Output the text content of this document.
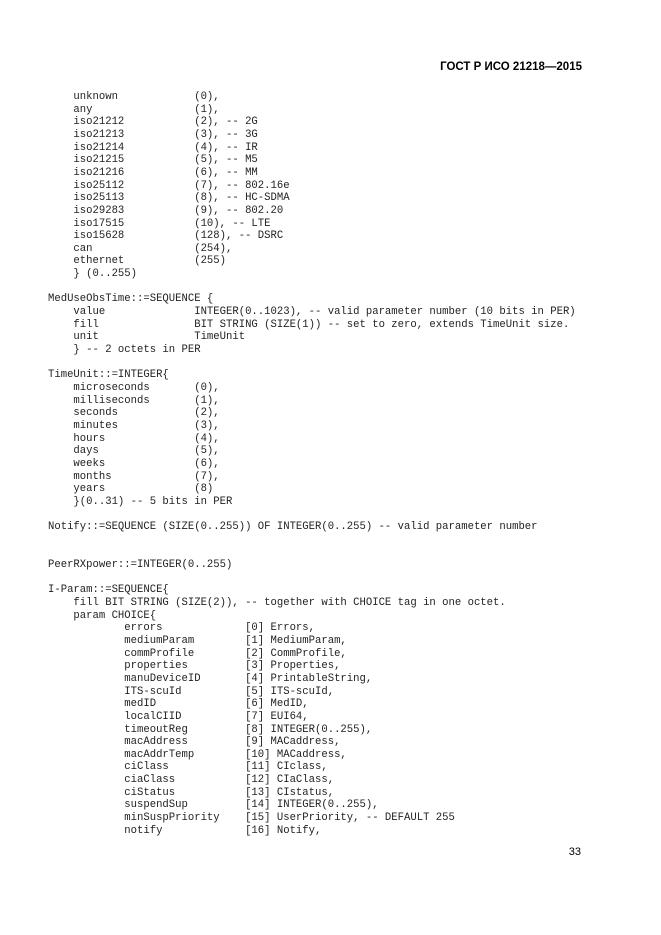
ГОСТ Р ИСО 21218—2015
unknown            (0),
any                (1),
iso21212           (2), -- 2G
iso21213           (3), -- 3G
iso21214           (4), -- IR
iso21215           (5), -- M5
iso21216           (6), -- MM
iso25112           (7), -- 802.16e
iso25113           (8), -- HC-SDMA
iso29283           (9), -- 802.20
iso17515           (10), -- LTE
iso15628           (128), -- DSRC
can                (254),
ethernet           (255)
} (0..255)
MedUseObsTime::=SEQUENCE {
value              INTEGER(0..1023), -- valid parameter number (10 bits in PER)
fill               BIT STRING (SIZE(1)) -- set to zero, extends TimeUnit size.
unit               TimeUnit
} -- 2 octets in PER
TimeUnit::=INTEGER{
microseconds       (0),
milliseconds       (1),
seconds            (2),
minutes            (3),
hours              (4),
days               (5),
weeks              (6),
months             (7),
years              (8)
}(0..31) -- 5 bits in PER
Notify::=SEQUENCE (SIZE(0..255)) OF INTEGER(0..255) -- valid parameter number
PeerRXpower::=INTEGER(0..255)
I-Param::=SEQUENCE{
fill BIT STRING (SIZE(2)), -- together with CHOICE tag in one octet.
param CHOICE{
errors             [0] Errors,
mediumParam        [1] MediumParam,
commProfile        [2] CommProfile,
properties         [3] Properties,
manuDeviceID       [4] PrintableString,
ITS-scuId          [5] ITS-scuId,
medID              [6] MedID,
localCIID          [7] EUI64,
timeoutReg         [8] INTEGER(0..255),
macAddress         [9] MACaddress,
macAddrTemp        [10] MACaddress,
ciClass            [11] CIclass,
ciaClass           [12] CIaClass,
ciStatus           [13] CIstatus,
suspendSup         [14] INTEGER(0..255),
minSuspPriority    [15] UserPriority, -- DEFAULT 255
notify             [16] Notify,
33
